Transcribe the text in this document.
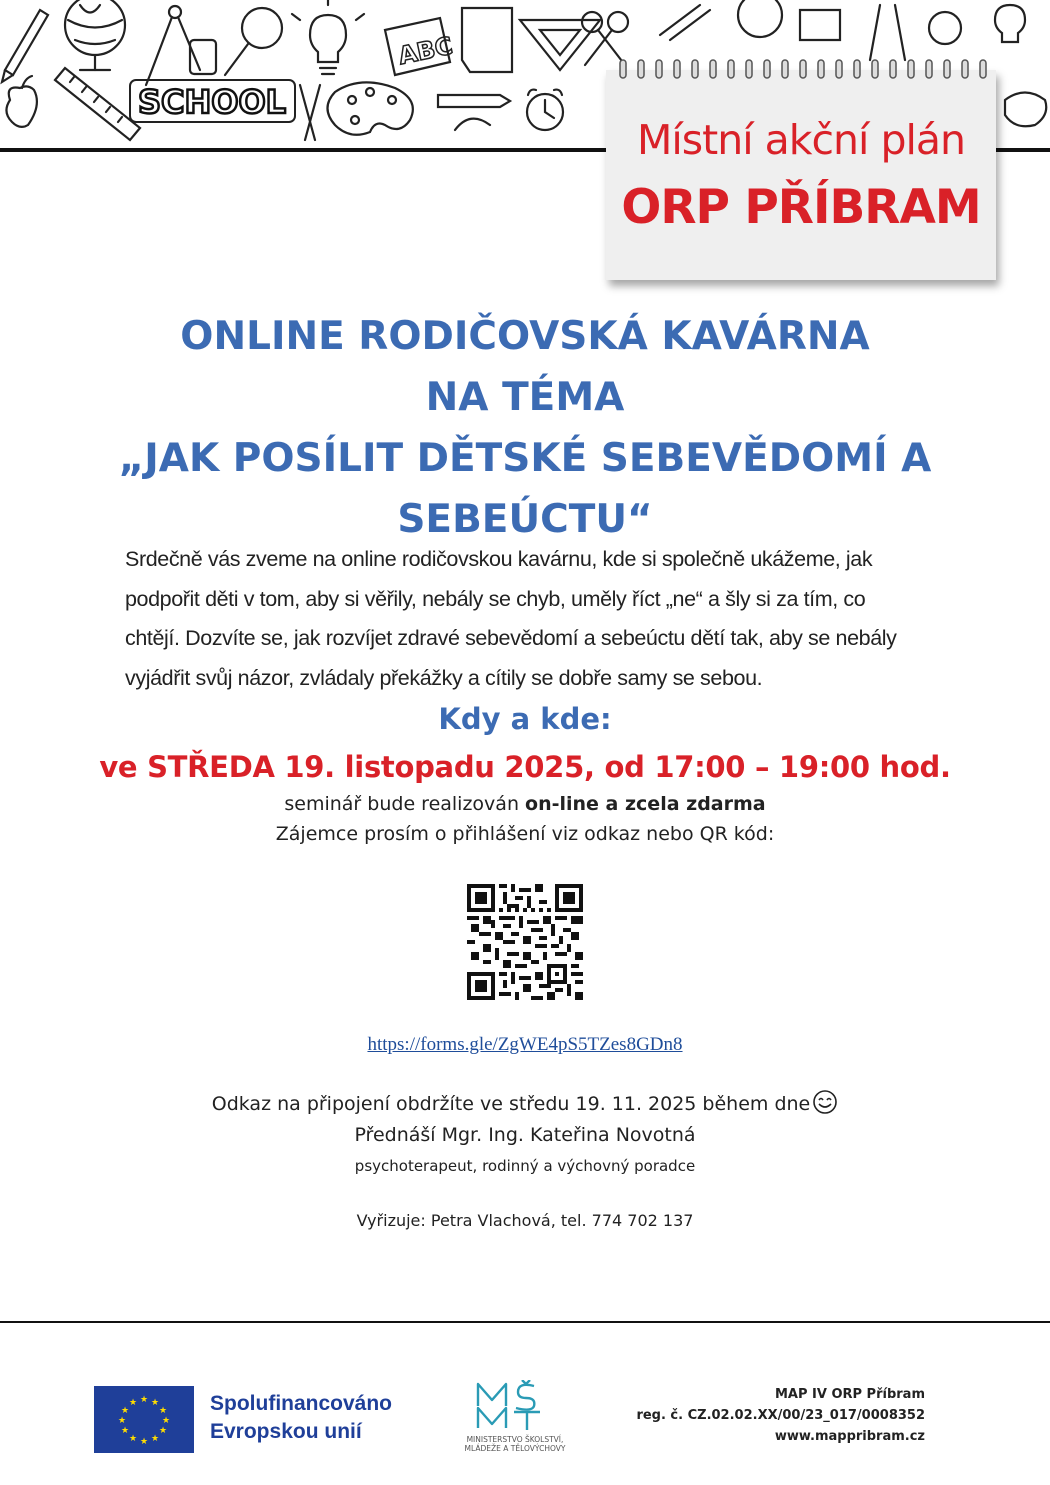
ABC
SCHOOL
Místní akční plán
ORP PŘÍBRAM
ONLINE RODIČOVSKÁ KAVÁRNA
NA TÉMA
„JAK POSÍLIT DĚTSKÉ SEBEVĚDOMÍ A
SEBEÚCTU“
Srdečně vás zveme na online rodičovskou kavárnu, kde si společně ukážeme, jak
podpořit děti v tom, aby si věřily, nebály se chyb, uměly říct „ne“ a šly si za tím, co
chtějí. Dozvíte se, jak rozvíjet zdravé sebevědomí a sebeúctu dětí tak, aby se nebály
vyjádřit svůj názor, zvládaly překážky a cítily se dobře samy se sebou.
Kdy a kde:
ve STŘEDA 19. listopadu 2025, od 17:00 – 19:00 hod.
seminář bude realizován on-line a zcela zdarma
Zájemce prosím o přihlášení viz odkaz nebo QR kód:
https://forms.gle/ZgWE4pS5TZes8GDn8
Odkaz na připojení obdržíte ve středu 19. 11. 2025 během dne
Přednáší Mgr. Ing. Kateřina Novotná
psychoterapeut, rodinný a výchovný poradce
Vyřizuje: Petra Vlachová, tel. 774 702 137
★ ★
★
★
★
★
★
★
★
★
★
★	Spolufinancováno
Evropskou unií	MINISTERSTVO ŠKOLSTVÍ,
MLÁDEŽE A TĚLOVÝCHOVY
MAP IV ORP Příbram
reg. č. CZ.02.02.XX/00/23_017/0008352
www.mappribram.cz
